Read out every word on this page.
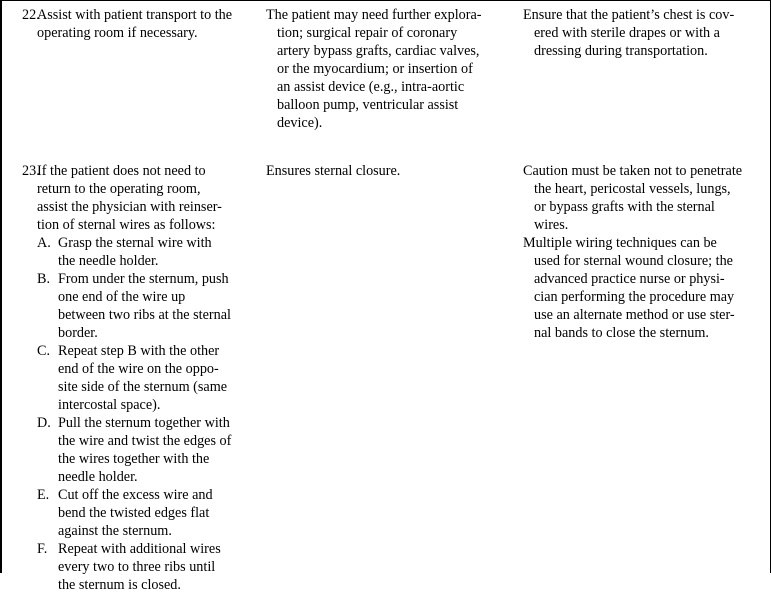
22.
Assist with patient transport to the
operating room if necessary.
The patient may need further explora-
tion; surgical repair of coronary
artery bypass grafts, cardiac valves,
or the myocardium; or insertion of
an assist device (e.g., intra-aortic
balloon pump, ventricular assist
device).
Ensure that the patient’s chest is cov-
ered with sterile drapes or with a
dressing during transportation.
23.
If the patient does not need to
return to the operating room,
assist the physician with reinser-
tion of sternal wires as follows:
A. Grasp the sternal wire with
the needle holder.
B. From under the sternum, push
one end of the wire up
between two ribs at the sternal
border.
C. Repeat step B with the other
end of the wire on the oppo-
site side of the sternum (same
intercostal space).
D. Pull the sternum together with
the wire and twist the edges of
the wires together with the
needle holder.
E. Cut off the excess wire and
bend the twisted edges flat
against the sternum.
F. Repeat with additional wires
every two to three ribs until
the sternum is closed.
Ensures sternal closure.	Caution must be taken not to penetrate
the heart, pericostal vessels, lungs,
or bypass grafts with the sternal
wires.
Multiple wiring techniques can be
used for sternal wound closure; the
advanced practice nurse or physi-
cian performing the procedure may
use an alternate method or use ster-
nal bands to close the sternum.
